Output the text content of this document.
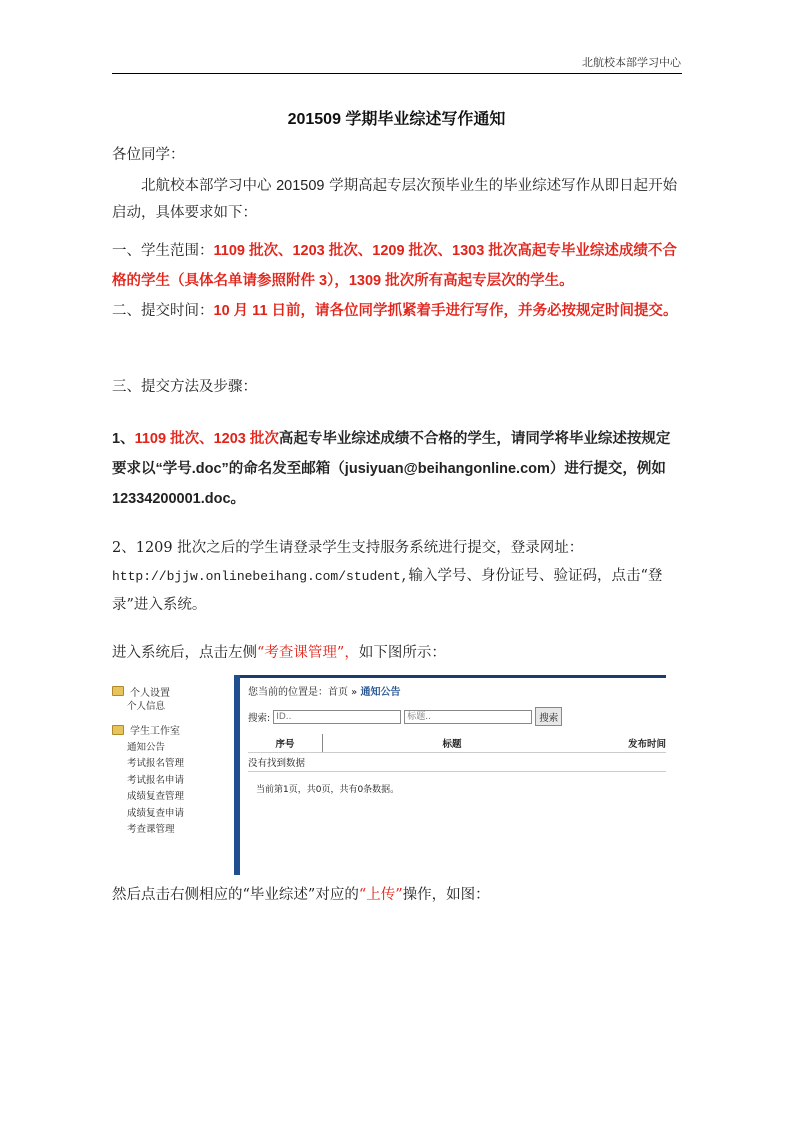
北航校本部学习中心
201509 学期毕业综述写作通知

各位同学：

北航校本部学习中心 201509 学期高起专层次预毕业生的毕业综述写作从即日起开始启动，具体要求如下：

一、学生范围：1109 批次、1203 批次、1209 批次、1303 批次高起专毕业综述成绩不合格的学生（具体名单请参照附件 3），1309 批次所有高起专层次的学生。

二、提交时间：10 月 11 日前，请各位同学抓紧着手进行写作，并务必按规定时间提交。

三、提交方法及步骤：

1、1109 批次、1203 批次高起专毕业综述成绩不合格的学生，请同学将毕业综述按规定要求以“学号.doc”的命名发至邮箱（jusiyuan@beihangonline.com）进行提交，例如 12334200001.doc。

2、1209 批次之后的学生请登录学生支持服务系统进行提交，登录网址：http://bjjw.onlinebeihang.com/student,输入学号、身份证号、验证码，点击“登录”进入系统。

进入系统后，点击左侧“考查课管理”，如下图所示：

个人设置
个人信息
学生工作室
通知公告
考试报名管理
考试报名申请
成绩复查管理
成绩复查申请
考查课管理
您当前的位置是：首页 » 通知公告
搜索:
ID..
标题..	搜索
序号	标题	发布时间
没有找到数据
当前第1页，共0页，共有0条数据。

然后点击右侧相应的“毕业综述”对应的“上传”操作，如图：
